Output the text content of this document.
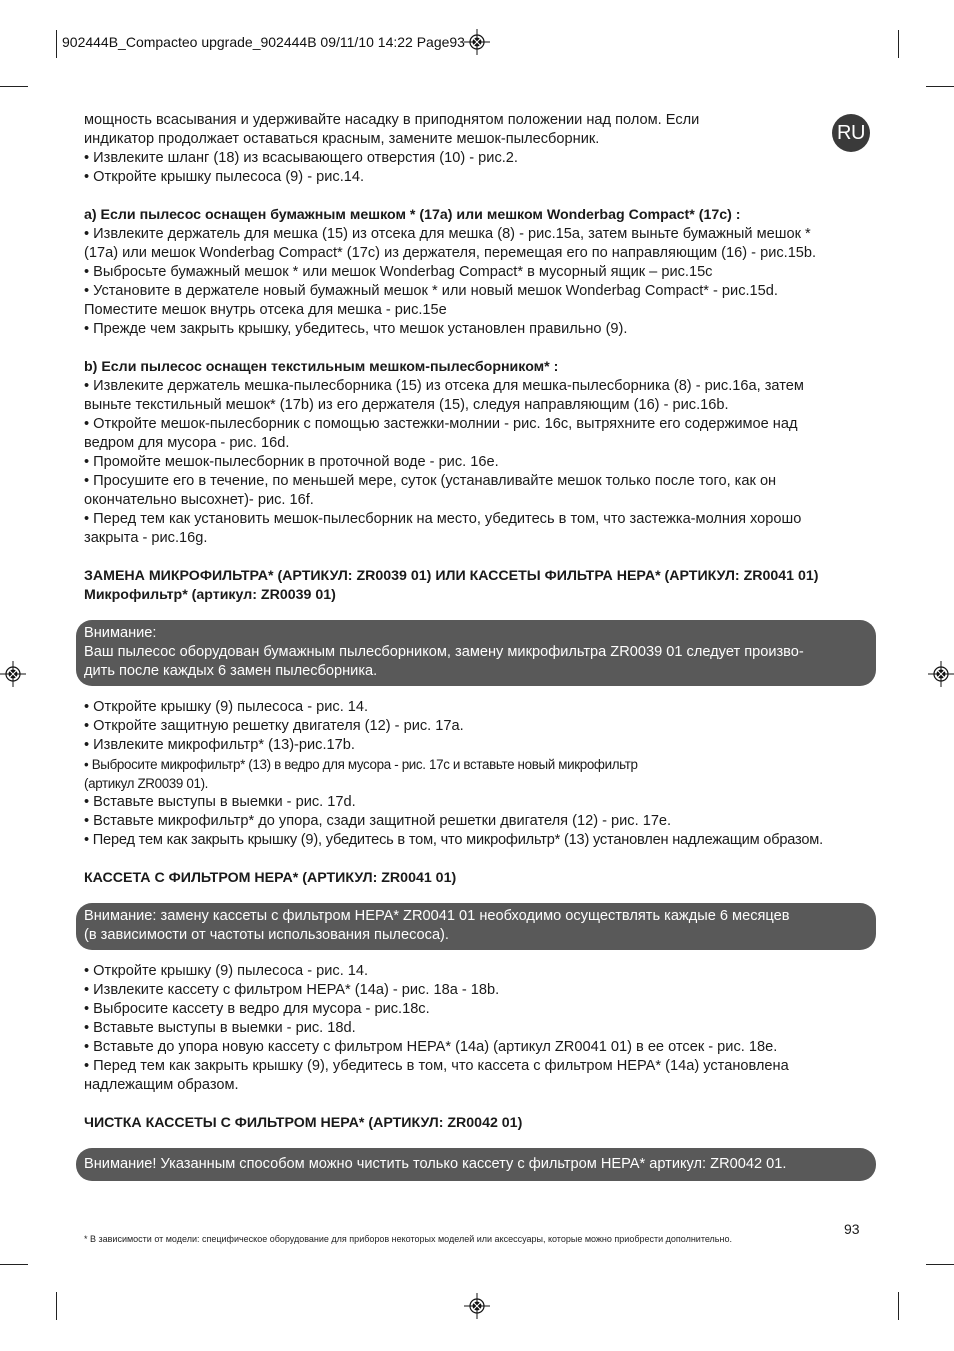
902444B_Compacteo upgrade_902444B 09/11/10 14:22 Page93
RU

мощность всасывания и удерживайте насадку в приподнятом положении над полом. Если

индикатор продолжает оставаться красным, замените мешок-пылесборник.

• Извлеките шланг (18) из всасывающего отверстия (10) - рис.2.

• Откройте крышку пылесоса (9) - рис.14.

a) Если пылесос оснащен бумажным мешком * (17a) или мешком Wonderbag Compact* (17c) :

• Извлеките держатель для мешка (15) из отсека для мешка (8) - рис.15a, затем выньте бумажный мешок *

(17a) или мешок Wonderbag Compact* (17c) из держателя, перемещая его по направляющим (16) - рис.15b.

• Выбросьте бумажный мешок * или мешок Wonderbag Compact* в мусорный ящик – рис.15c

• Установите в держателе новый бумажный мешок * или новый мешок Wonderbag Compact* - рис.15d.

Поместите мешок внутрь отсека для мешка - рис.15e

• Прежде чем закрыть крышку, убедитесь, что мешок установлен правильно (9).

b) Если пылесос оснащен текстильным мешком-пылесборником* :

• Извлеките держатель мешка-пылесборника (15) из отсека для мешка-пылесборника (8) - рис.16a, затем

выньте текстильный мешок* (17b) из его держателя (15), следуя направляющим (16) - рис.16b.

• Откройте мешок-пылесборник с помощью застежки-молнии - рис. 16c, вытряхните его содержимое над

ведром для мусора - рис. 16d.

• Промойте мешок-пылесборник в проточной воде - рис. 16e.

• Просушите его в течение, по меньшей мере, суток (устанавливайте мешок только после того, как он

окончательно высохнет)- рис. 16f.

• Перед тем как установить мешок-пылесборник на место, убедитесь в том, что застежка-молния хорошо

закрыта - рис.16g.

ЗАМЕНА МИКРОФИЛЬТРА* (АРТИКУЛ: ZR0039 01) ИЛИ КАССЕТЫ ФИЛЬТРА HEPA* (АРТИКУЛ: ZR0041 01)

Микрофильтр* (артикул: ZR0039 01)

Внимание:

Ваш пылесос оборудован бумажным пылесборником, замену микрофильтра ZR0039 01 следует произво-

дить после каждых 6 замен пылесборника.

• Откройте крышку (9) пылесоса - рис. 14.

• Откройте защитную решетку двигателя (12) - рис. 17a.

• Извлеките микрофильтр* (13)-рис.17b.

• Выбросите микрофильтр* (13) в ведро для мусора - рис. 17c и вставьте новый микрофильтр

(артикул ZR0039 01).

• Вставьте выступы в выемки - рис. 17d.

• Вставьте микрофильтр* до упора, сзади защитной решетки двигателя (12) - рис. 17e.

• Перед тем как закрыть крышку (9), убедитесь в том, что микрофильтр* (13) установлен надлежащим образом.

КАССЕТА С ФИЛЬТРОМ HEPA* (АРТИКУЛ: ZR0041 01)

Внимание: замену кассеты с фильтром HEPA* ZR0041 01 необходимо осуществлять каждые 6 месяцев

(в зависимости от частоты использования пылесоса).

• Откройте крышку (9) пылесоса - рис. 14.

• Извлеките кассету с фильтром HEPA* (14a) - рис. 18a - 18b.

• Выбросите кассету в ведро для мусора - рис.18c.

• Вставьте выступы в выемки - рис. 18d.

• Вставьте до упора новую кассету с фильтром HEPA* (14a) (артикул ZR0041 01) в ее отсек - рис. 18e.

• Перед тем как закрыть крышку (9), убедитесь в том, что кассета с фильтром HEPA* (14a) установлена

надлежащим образом.

ЧИСТКА КАССЕТЫ С ФИЛЬТРОМ HEPA* (АРТИКУЛ: ZR0042 01)

Внимание! Указанным способом можно чистить только кассету с фильтром HEPA* артикул: ZR0042 01.

93
* В зависимости от модели: специфическое оборудование для приборов некоторых моделей или аксессуары, которые можно приобрести дополнительно.
